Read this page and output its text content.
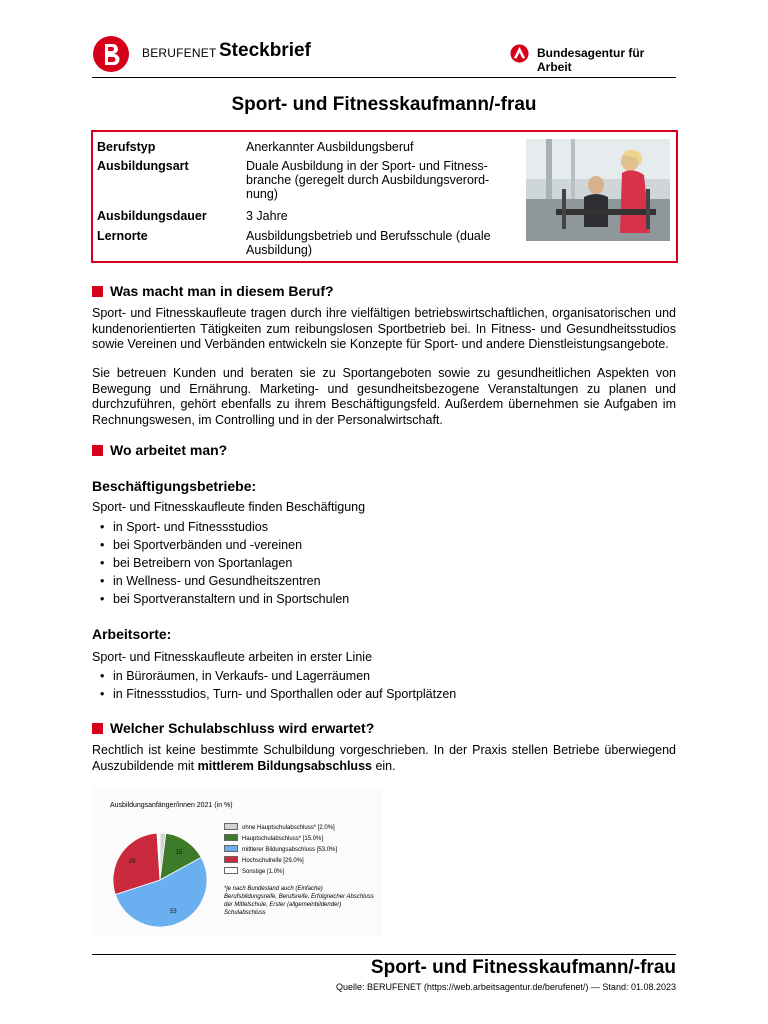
BERUFENET Steckbrief	Bundesagentur für Arbeit
Sport- und Fitnesskaufmann/-frau
Berufstyp	Anerkannter Ausbildungsberuf
Ausbildungsart	Duale Ausbildung in der Sport- und Fitness-branche (geregelt durch Ausbildungsverord-nung)
Ausbildungsdauer	3 Jahre
Lernorte	Ausbildungsbetrieb und Berufsschule (duale Ausbildung)
Was macht man in diesem Beruf?

Sport- und Fitnesskaufleute tragen durch ihre vielfältigen betriebswirtschaftlichen, organisatorischen und kundenorientierten Tätigkeiten zum reibungslosen Sportbetrieb bei. In Fitness- und Gesundheitsstudios sowie Vereinen und Verbänden entwickeln sie Konzepte für Sport- und andere Dienstleistungsangebote.

Sie betreuen Kunden und beraten sie zu Sportangeboten sowie zu gesundheitlichen Aspekten von Bewegung und Ernährung. Marketing- und gesundheitsbezogene Veranstaltungen zu planen und durchzuführen, gehört ebenfalls zu ihrem Beschäftigungsfeld. Außerdem übernehmen sie Aufgaben im Rechnungswesen, im Controlling und in der Personalwirtschaft.

Wo arbeitet man?
Beschäftigungsbetriebe:

Sport- und Fitnesskaufleute finden Beschäftigung

• in Sport- und Fitnessstudios
• bei Sportverbänden und -vereinen
• bei Betreibern von Sportanlagen
• in Wellness- und Gesundheitszentren
• bei Sportveranstaltern und in Sportschulen
Arbeitsorte:

Sport- und Fitnesskaufleute arbeiten in erster Linie

• in Büroräumen, in Verkaufs- und Lagerräumen
• in Fitnessstudios, Turn- und Sporthallen oder auf Sportplätzen
Welcher Schulabschluss wird erwartet?

Rechtlich ist keine bestimmte Schulbildung vorgeschrieben. In der Praxis stellen Betriebe überwiegend Auszubildende mit mittlerem Bildungsabschluss ein.

Ausbildungsanfänger/innen 2021 (in %)
15
53
29
ohne Hauptschulabschluss* [2.0%]
Hauptschulabschluss* [15.0%]
mittlerer Bildungsabschluss [53.0%]
Hochschulreife [29.0%]
Sonstige [1.0%]
*je nach Bundesland auch (Einfache) Berufsbildungsreife, Berufsreife, Erfolgreicher Abschluss der Mittelschule, Erster (allgemeinbildender) Schulabschluss
Sport- und Fitnesskaufmann/-frau
Quelle: BERUFENET (https://web.arbeitsagentur.de/berufenet/) — Stand: 01.08.2023
